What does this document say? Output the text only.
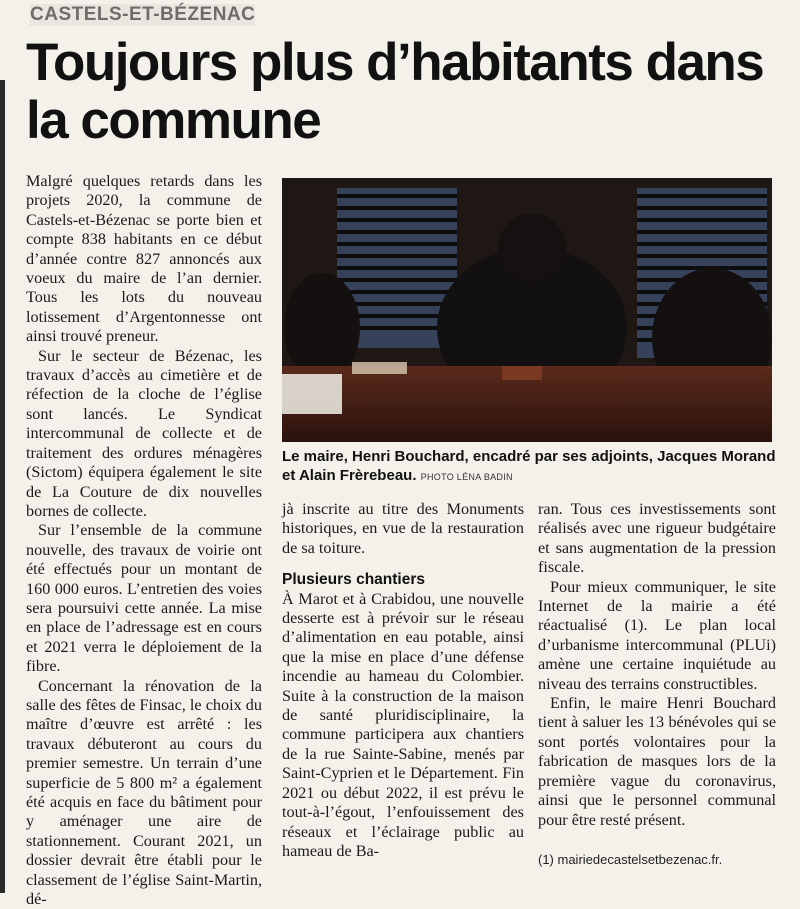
CASTELS-ET-BÉZENAC
Toujours plus d’habitants dans la commune

Malgré quelques retards dans les projets 2020, la commune de Castels-et-Bézenac se porte bien et compte 838 habitants en ce début d’année contre 827 annoncés aux voeux du maire de l’an dernier. Tous les lots du nouveau lotissement d’Argentonnesse ont ainsi trouvé preneur.

Sur le secteur de Bézenac, les travaux d’accès au cimetière et de réfection de la cloche de l’église sont lancés. Le Syndicat intercommunal de collecte et de traitement des ordures ménagères (Sictom) équipera également le site de La Couture de dix nouvelles bornes de collecte.

Sur l’ensemble de la commune nouvelle, des travaux de voirie ont été effectués pour un montant de 160 000 euros. L’entretien des voies sera poursuivi cette année. La mise en place de l’adressage est en cours et 2021 verra le déploiement de la fibre.

Concernant la rénovation de la salle des fêtes de Finsac, le choix du maître d’œuvre est arrêté : les travaux débuteront au cours du premier semestre. Un terrain d’une superficie de 5 800 m² a également été acquis en face du bâtiment pour y aménager une aire de stationnement. Courant 2021, un dossier devrait être établi pour le classement de l’église Saint-Martin, dé-

Le maire, Henri Bouchard, encadré par ses adjoints, Jacques Morand et Alain Frèrebeau. PHOTO LÉNA BADIN

jà inscrite au titre des Monuments historiques, en vue de la restauration de sa toiture.

Plusieurs chantiers

À Marot et à Crabidou, une nouvelle desserte est à prévoir sur le réseau d’alimentation en eau potable, ainsi que la mise en place d’une défense incendie au hameau du Colombier. Suite à la construction de la maison de santé pluridisciplinaire, la commune participera aux chantiers de la rue Sainte-Sabine, menés par Saint-Cyprien et le Département. Fin 2021 ou début 2022, il est prévu le tout-à-l’égout, l’enfouissement des réseaux et l’éclairage public au hameau de Ba-

ran. Tous ces investissements sont réalisés avec une rigueur budgétaire et sans augmentation de la pression fiscale.

Pour mieux communiquer, le site Internet de la mairie a été réactualisé (1). Le plan local d’urbanisme intercommunal (PLUi) amène une certaine inquiétude au niveau des terrains constructibles.

Enfin, le maire Henri Bouchard tient à saluer les 13 bénévoles qui se sont portés volontaires pour la fabrication de masques lors de la première vague du coronavirus, ainsi que le personnel communal pour être resté présent.

(1) mairiedecastelsetbezenac.fr.
